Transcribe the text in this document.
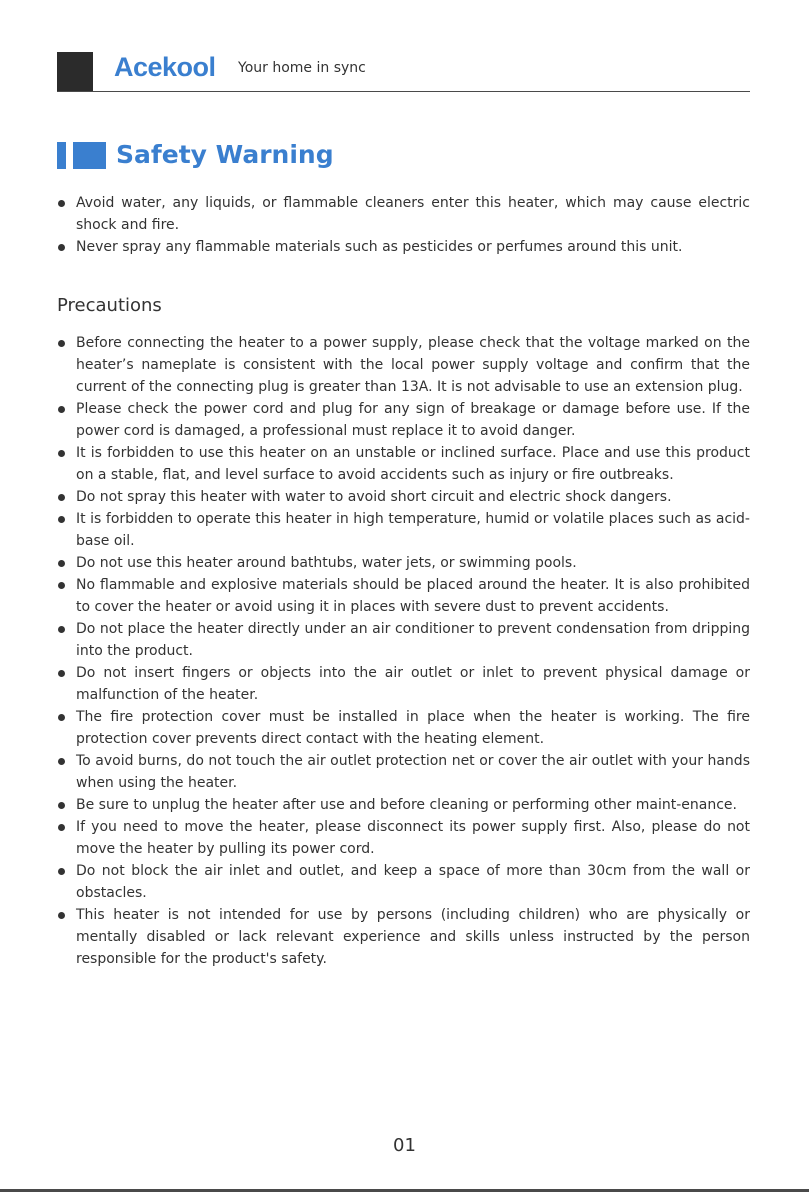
Acekool Your home in sync
Safety Warning
Avoid water, any liquids, or flammable cleaners enter this heater, which may cause electric shock and fire.
Never spray any flammable materials such as pesticides or perfumes around this unit.
Precautions
Before connecting the heater to a power supply, please check that the voltage marked on the heater’s nameplate is consistent with the local power supply voltage and confirm that the current of the connecting plug is greater than 13A. It is not advisable to use an extension plug.
Please check the power cord and plug for any sign of breakage or damage before use. If the power cord is damaged, a professional must replace it to avoid danger.
It is forbidden to use this heater on an unstable or inclined surface. Place and use this product on a stable, flat, and level surface to avoid accidents such as injury or fire outbreaks.
Do not spray this heater with water to avoid short circuit and electric shock dangers.
It is forbidden to operate this heater in high temperature, humid or volatile places such as acid-base oil.
Do not use this heater around bathtubs, water jets, or swimming pools.
No flammable and explosive materials should be placed around the heater. It is also prohibited to cover the heater or avoid using it in places with severe dust to prevent accidents.
Do not place the heater directly under an air conditioner to prevent condensation from dripping into the product.
Do not insert fingers or objects into the air outlet or inlet to prevent physical damage or malfunction of the heater.
The fire protection cover must be installed in place when the heater is working. The fire protection cover prevents direct contact with the heating element.
To avoid burns, do not touch the air outlet protection net or cover the air outlet with your hands when using the heater.
Be sure to unplug the heater after use and before cleaning or performing other maint-enance.
If you need to move the heater, please disconnect its power supply first. Also, please do not move the heater by pulling its power cord.
Do not block the air inlet and outlet, and keep a space of more than 30cm from the wall or obstacles.
This heater is not intended for use by persons (including children) who are physically or mentally disabled or lack relevant experience and skills unless instructed by the person responsible for the product's safety.
01
